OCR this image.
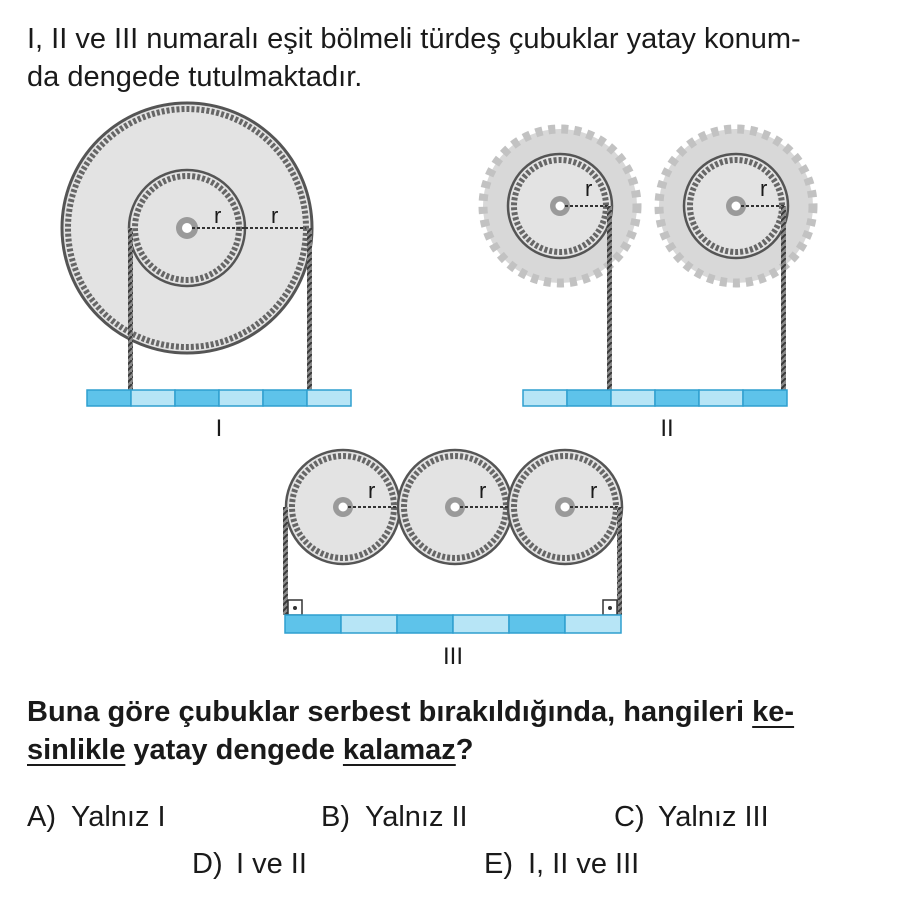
I, II ve III numaralı eşit bölmeli türdeş çubuklar yatay konum-
da dengede tutulmaktadır.

r r
I
r	r
II
r	r	r
III

Buna göre çubuklar serbest bırakıldığında, hangileri ke-
sinlikle yatay dengede kalamaz?

A) Yalnız I	B) Yalnız II	C) Yalnız III
D) I ve II	E) I, II ve III
